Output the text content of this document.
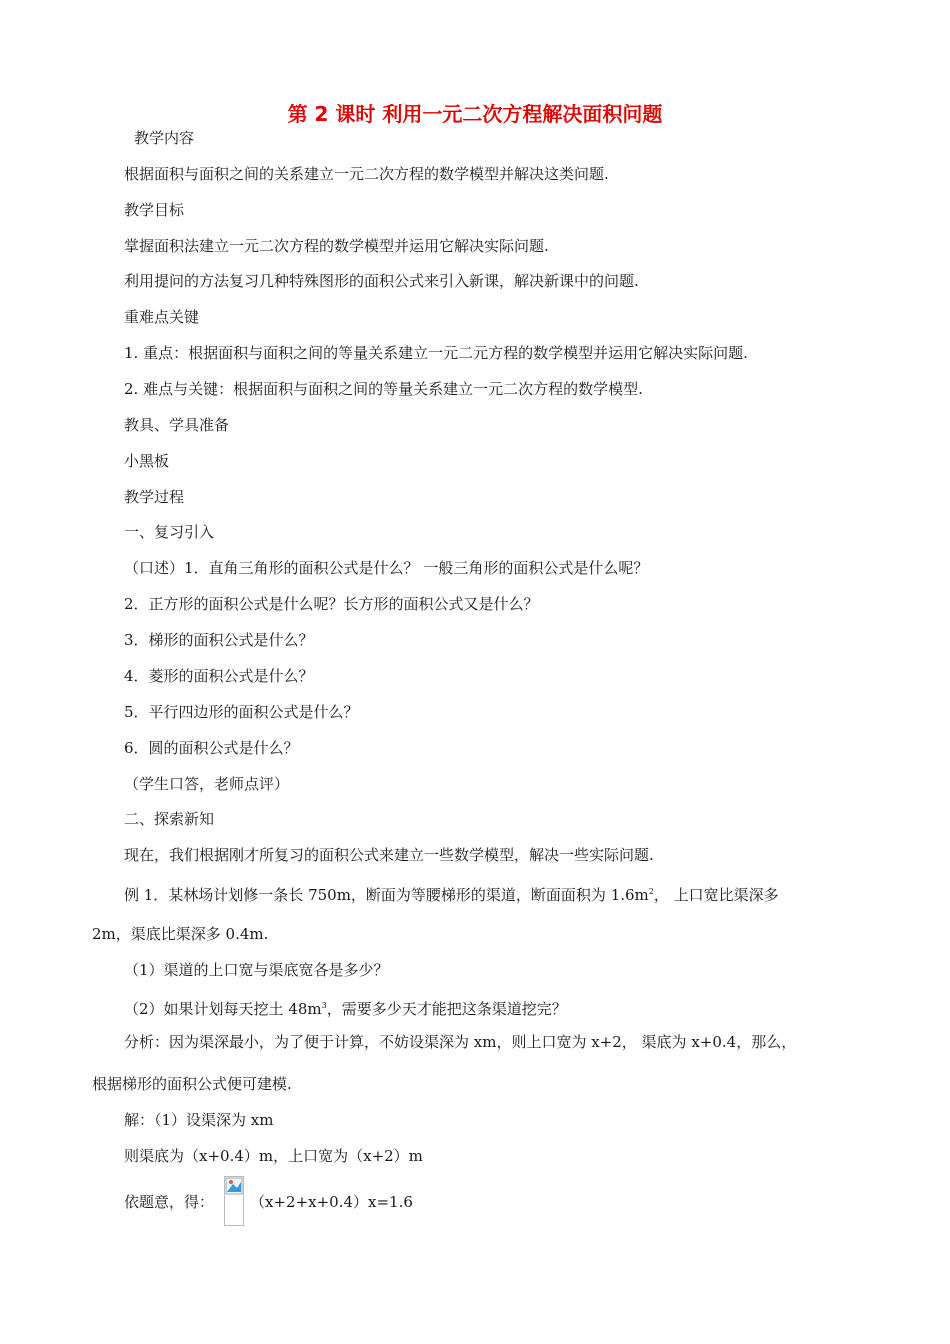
第 2 课时 利用一元二次方程解决面积问题
教学内容
根据面积与面积之间的关系建立一元二次方程的数学模型并解决这类问题.
教学目标
掌握面积法建立一元二次方程的数学模型并运用它解决实际问题.
利用提问的方法复习几种特殊图形的面积公式来引入新课，解决新课中的问题.
重难点关键
1. 重点：根据面积与面积之间的等量关系建立一元二元方程的数学模型并运用它解决实际问题.
2. 难点与关键：根据面积与面积之间的等量关系建立一元二次方程的数学模型.
教具、学具准备
小黑板
教学过程
一、复习引入
（口述）1．直角三角形的面积公式是什么？ 一般三角形的面积公式是什么呢？
2．正方形的面积公式是什么呢？长方形的面积公式又是什么？
3．梯形的面积公式是什么？
4．菱形的面积公式是什么？
5．平行四边形的面积公式是什么？
6．圆的面积公式是什么？
（学生口答，老师点评）
二、探索新知
现在，我们根据刚才所复习的面积公式来建立一些数学模型，解决一些实际问题.
例 1．某林场计划修一条长 750m，断面为等腰梯形的渠道，断面面积为 $1.6m^2$， 上口宽比渠深多
2m，渠底比渠深多 0.4m.
（1）渠道的上口宽与渠底宽各是多少？
（2）如果计划每天挖土 $48m^3$，需要多少天才能把这条渠道挖完？
分析：因为渠深最小，为了便于计算，不妨设渠深为 xm，则上口宽为 x+2， 渠底为 x+0.4，那么，
根据梯形的面积公式便可建模.
解：（1）设渠深为 xm
则渠底为（x+0.4）m，上口宽为（x+2）m
依题意，得： （x+2+x+0.4）x=1.6
